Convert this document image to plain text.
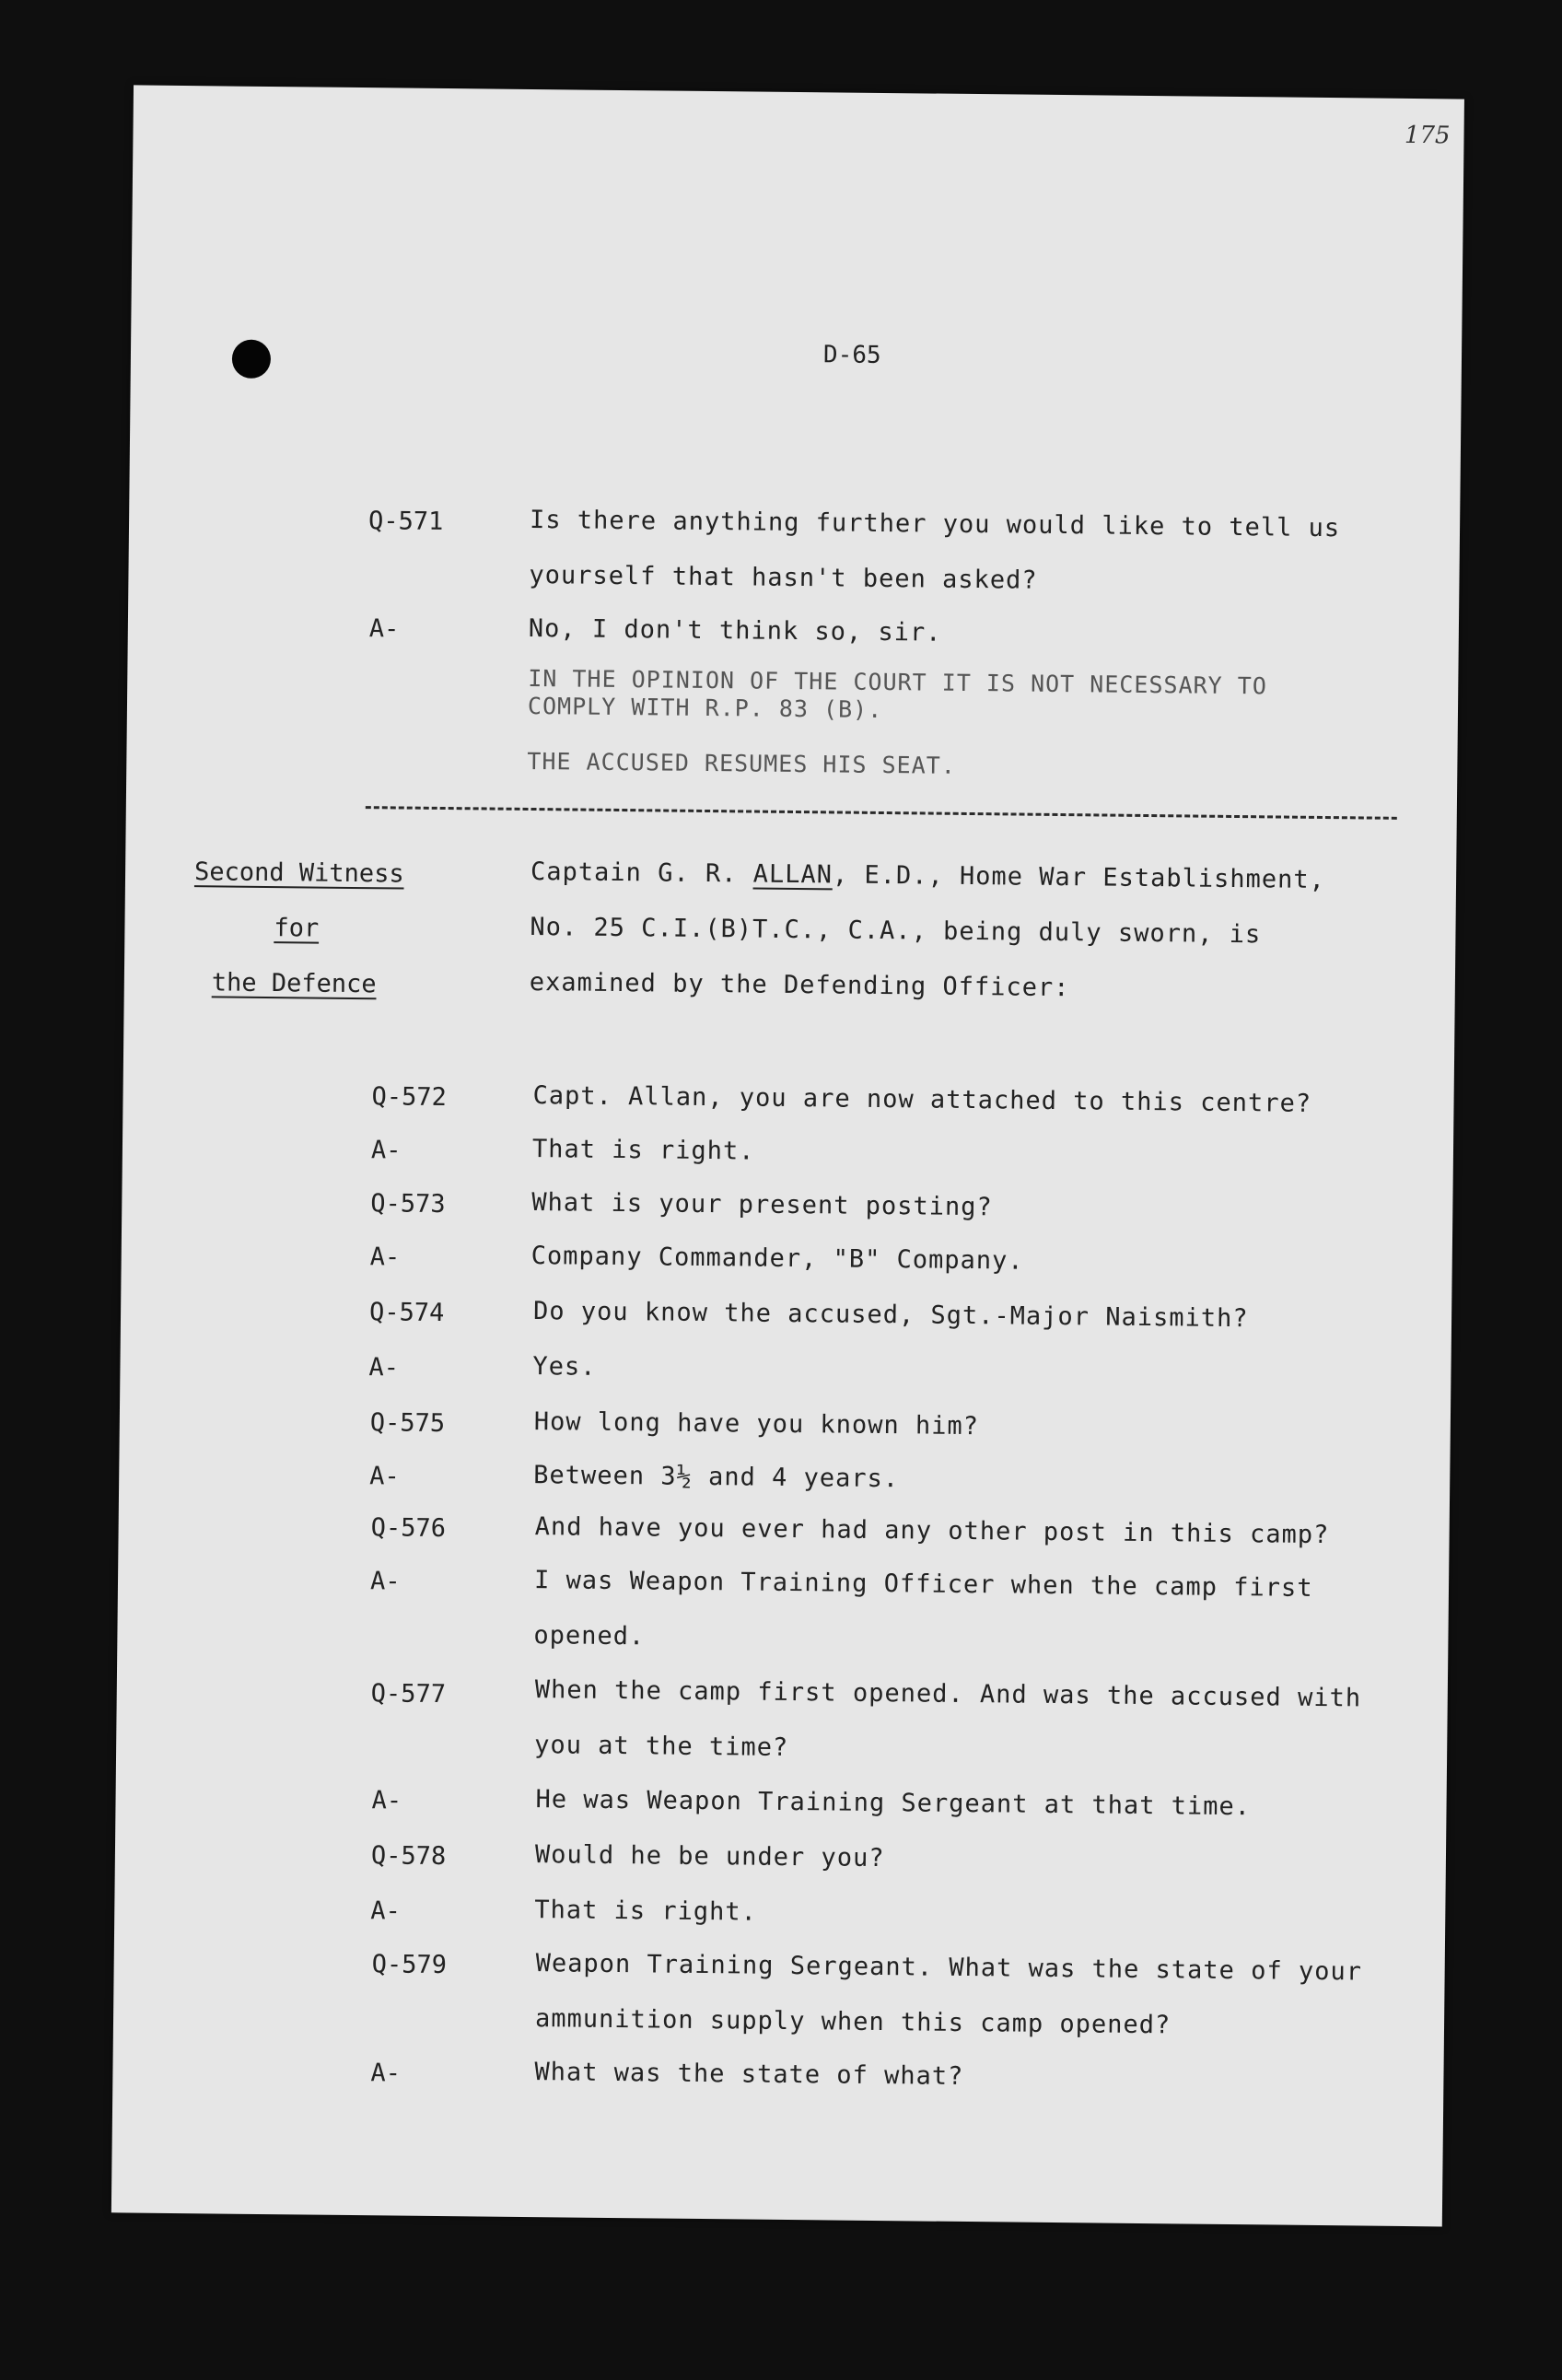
175
D-65
Q-571	Is there anything further you would like to tell us
yourself that hasn't been asked?
A-	No, I don't think so, sir.
IN THE OPINION OF THE COURT IT IS NOT NECESSARY TO
COMPLY WITH R.P. 83 (B).
THE ACCUSED RESUMES HIS SEAT.
Second Witness
for
the Defence
Captain G. R. ALLAN, E.D., Home War Establishment,
No. 25 C.I.(B)T.C., C.A., being duly sworn, is
examined by the Defending Officer:
Q-572	Capt. Allan, you are now attached to this centre?
A-	That is right.
Q-573	What is your present posting?
A-	Company Commander, "B" Company.
Q-574	Do you know the accused, Sgt.-Major Naismith?
A-	Yes.
Q-575	How long have you known him?
A-	Between 3½ and 4 years.
Q-576	And have you ever had any other post in this camp?
A-	I was Weapon Training Officer when the camp first
opened.
Q-577	When the camp first opened. And was the accused with
you at the time?
A-	He was Weapon Training Sergeant at that time.
Q-578	Would he be under you?
A-	That is right.
Q-579	Weapon Training Sergeant. What was the state of your
ammunition supply when this camp opened?
A-	What was the state of what?
